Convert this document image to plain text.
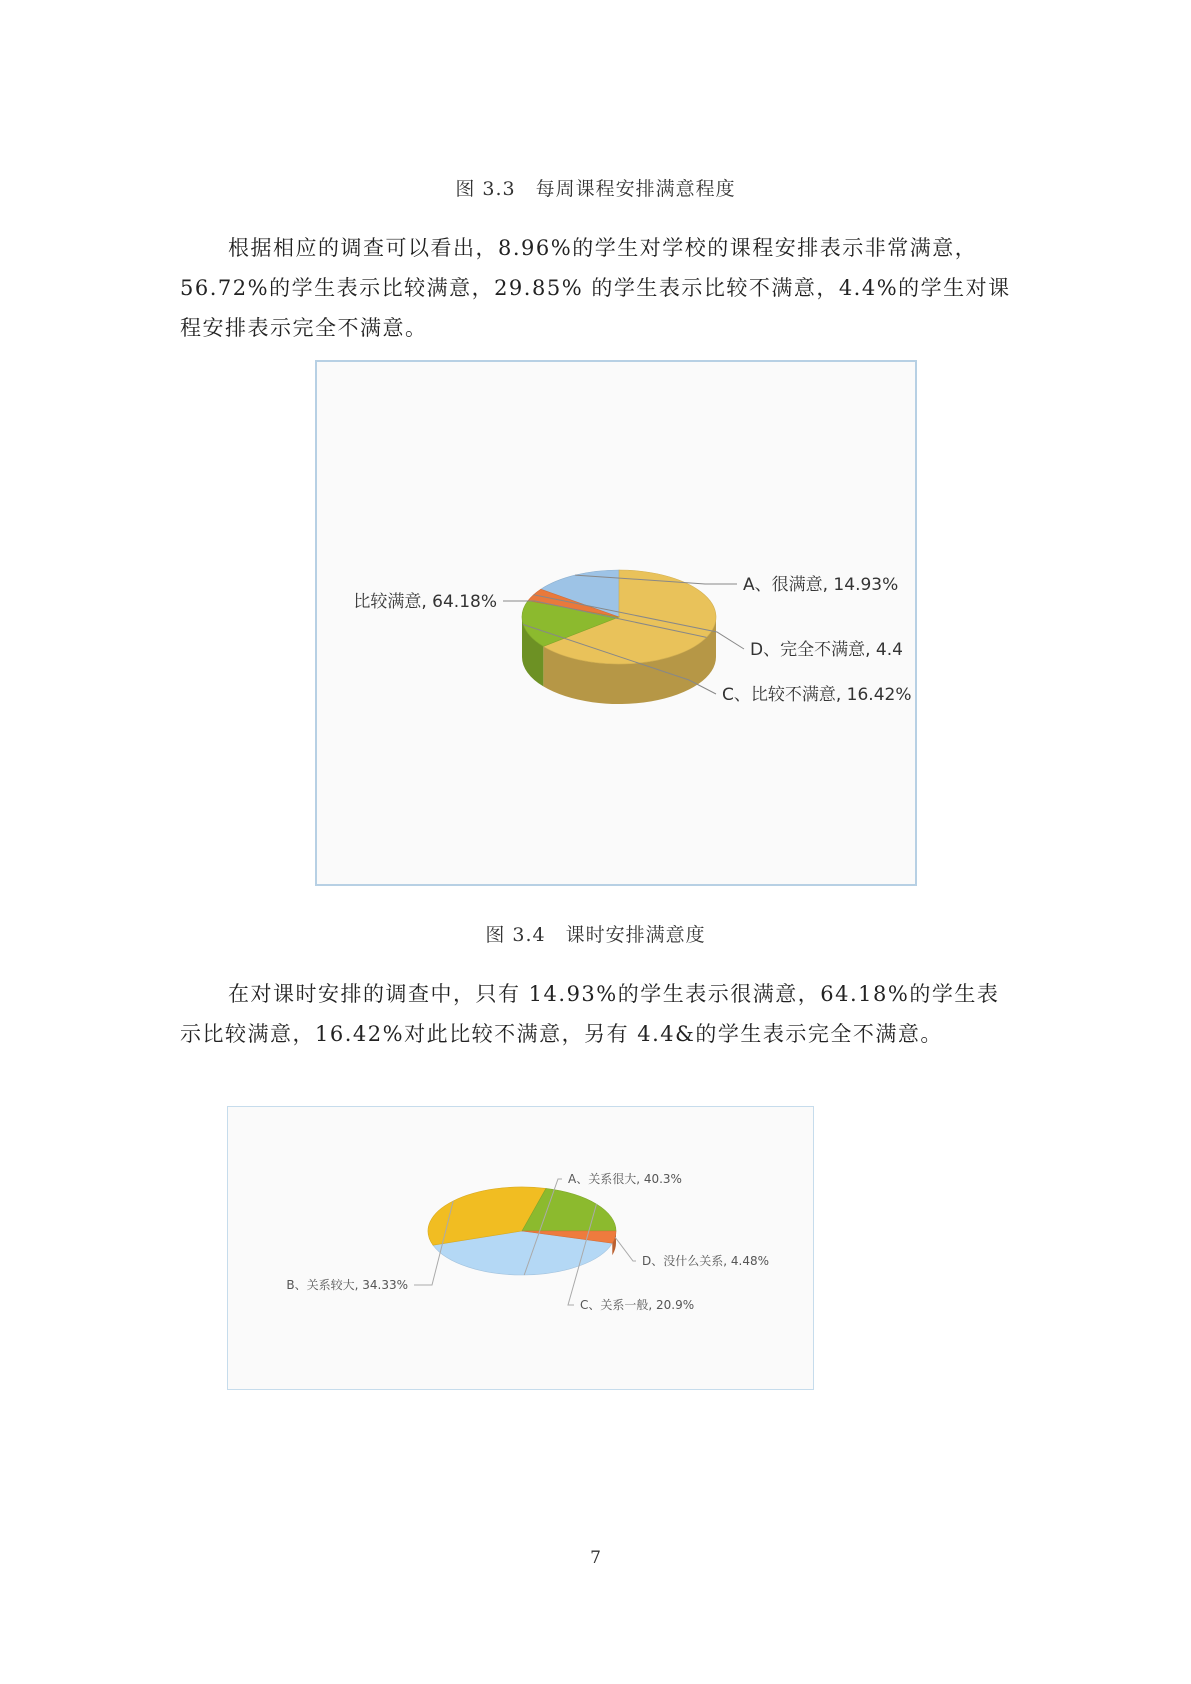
图 3.3　每周课程安排满意程度

根据相应的调查可以看出，8.96%的学生对学校的课程安排表示非常满意，

56.72%的学生表示比较满意，29.85% 的学生表示比较不满意，4.4%的学生对课

程安排表示完全不满意。

A、很满意, 14.93%
比较满意, 64.18%
C、比较不满意, 16.42%
D、完全不满意, 4.4
图 3.4　课时安排满意度

在对课时安排的调查中，只有 14.93%的学生表示很满意，64.18%的学生表

示比较满意，16.42%对此比较不满意，另有 4.4&的学生表示完全不满意。

A、关系很大, 40.3%
B、关系较大, 34.33%
C、关系一般, 20.9%
D、没什么关系, 4.48%
7
